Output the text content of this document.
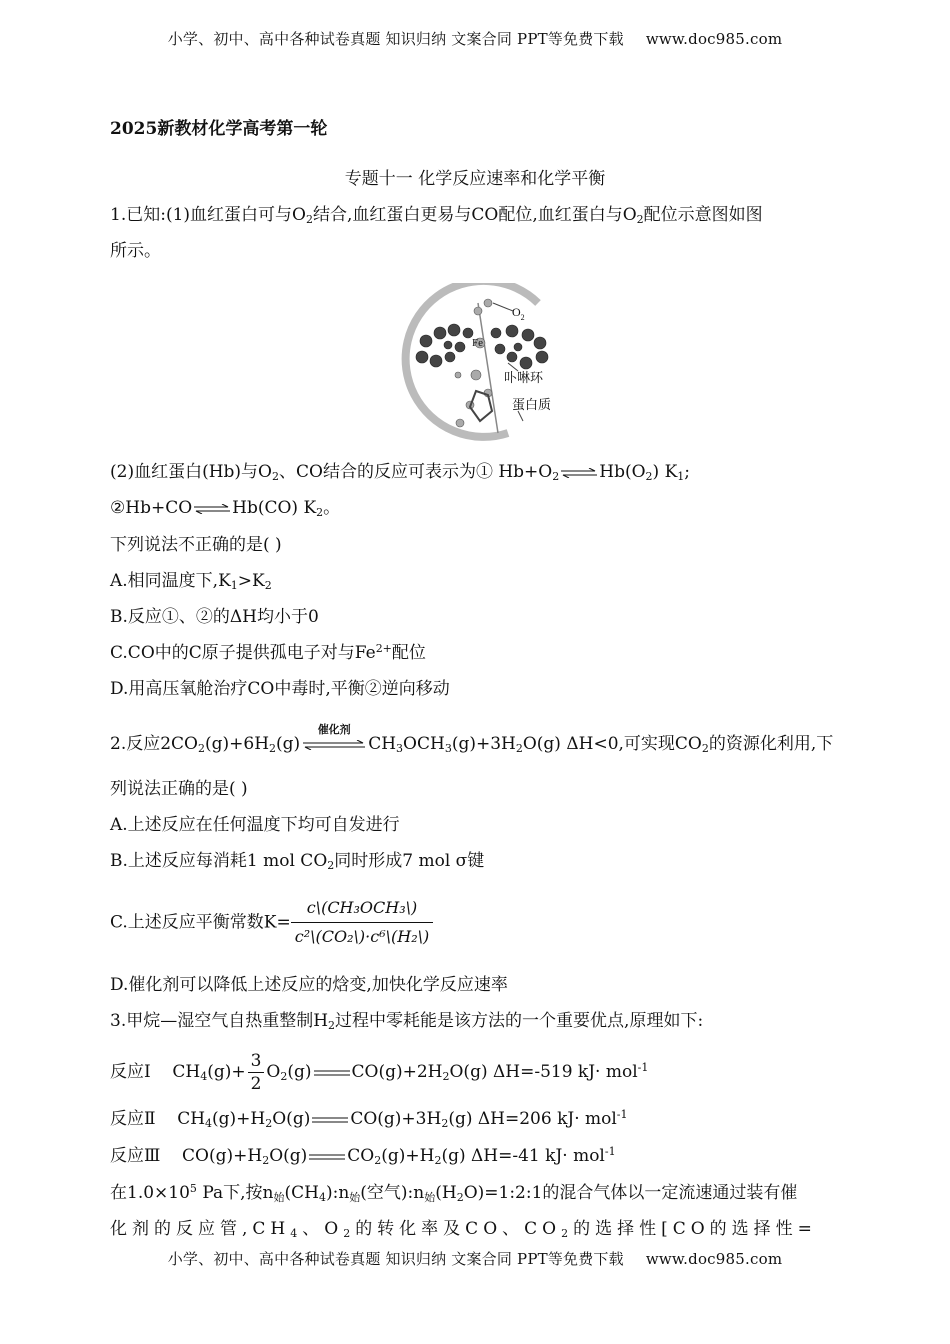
小学、初中、高中各种试卷真题 知识归纳 文案合同 PPT等免费下载 www.doc985.com
2025新教材化学高考第一轮
专题十一 化学反应速率和化学平衡
1.已知:(1)血红蛋白可与$O_2$结合,血红蛋白更易与CO配位,血红蛋白与$O_2$配位示意图如图
所示。
$O_2$
Fe
卟啉环
蛋白质
(2)血红蛋白(Hb)与$O_2$、CO结合的反应可表示为① $Hb+O_2$ ⇌ $Hb(O_2)$ $K_1$;
②Hb+CO ⇌ Hb(CO) $K_2$。
下列说法不正确的是( )
A.相同温度下$,K_1>K_2$
B.反应①、②的ΔH均小于0
C.CO中的C原子提供孤电子对与$Fe^{2+}$配位
D.用高压氧舱治疗CO中毒时,平衡②逆向移动
2.反应$2CO_2(g)+6H_2(g)$
催化剂
$CH_3OCH_3(g)+3H_2O(g)$ ΔH<0,可实现$CO_2$的资源化利用,下
列说法正确的是( )
A.上述反应在任何温度下均可自发进行
B.上述反应每消耗1 mol $CO_2$同时形成7 mol σ键
C.上述反应平衡常数K=
c\(CH₃OCH₃\)
c²\(CO₂\)·c⁶\(H₂\)
D.催化剂可以降低上述反应的焓变,加快化学反应速率
3.甲烷—湿空气自热重整制$H_2$过程中零耗能是该方法的一个重要优点,原理如下:
反应Ⅰ $CH_4(g)+ \frac{3}{2} O_2(g)$ $CO(g)+2H_2O(g)$ ΔH=-519 kJ· mol$^{-1}$
反应Ⅱ $CH_4(g)+H_2O(g)$ $CO(g)+3H_2(g)$ ΔH=206 kJ· mol$^{-1}$
反应Ⅲ $CO(g)+H_2O(g)$ $CO_2(g)+H_2(g)$ ΔH=-41 kJ· mol$^{-1}$
在$1.0\times 10^5$ Pa下,按$n_始(CH_4):n_始$(空气)$:n_始(H_2O)=1:2:1$的混合气体以一定流速通过装有催
化剂的反应管$,CH_4$、$O_2$的转化率及CO、$CO_2$的选择性[CO的选择性=
小学、初中、高中各种试卷真题 知识归纳 文案合同 PPT等免费下载 www.doc985.com
